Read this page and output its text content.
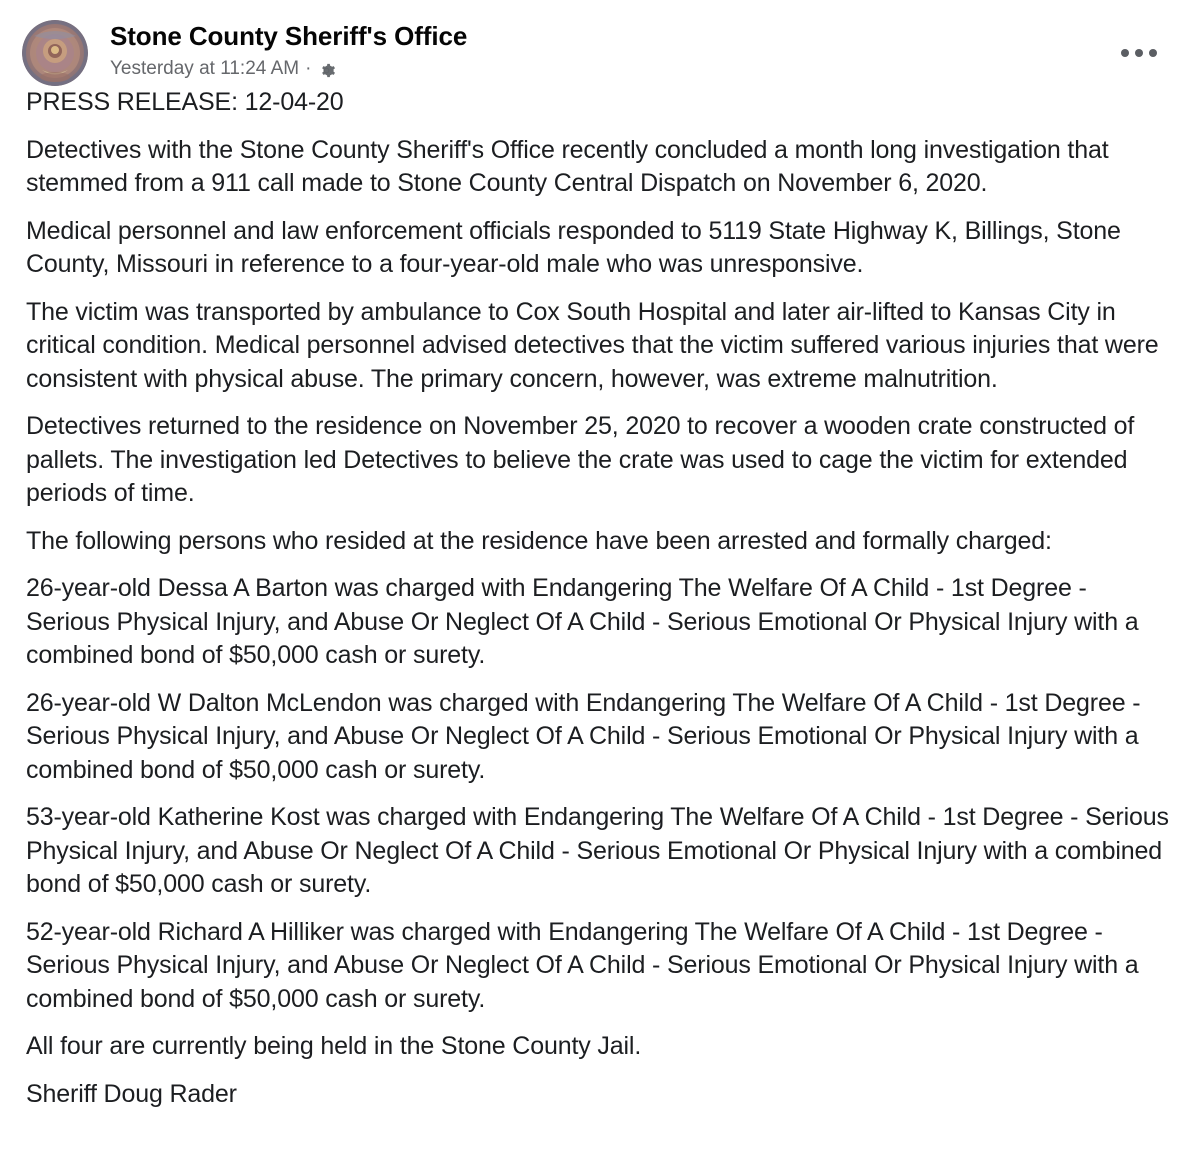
Stone County Sheriff's Office
Yesterday at 11:24 AM ·

PRESS RELEASE: 12-04-20

Detectives with the Stone County Sheriff's Office recently concluded a month long investigation that stemmed from a 911 call made to Stone County Central Dispatch on November 6, 2020.

Medical personnel and law enforcement officials responded to 5119 State Highway K, Billings, Stone County, Missouri in reference to a four-year-old male who was unresponsive.

The victim was transported by ambulance to Cox South Hospital and later air-lifted to Kansas City in critical condition. Medical personnel advised detectives that the victim suffered various injuries that were consistent with physical abuse. The primary concern, however, was extreme malnutrition.

Detectives returned to the residence on November 25, 2020 to recover a wooden crate constructed of pallets. The investigation led Detectives to believe the crate was used to cage the victim for extended periods of time.

The following persons who resided at the residence have been arrested and formally charged:

26-year-old Dessa A Barton was charged with Endangering The Welfare Of A Child - 1st Degree - Serious Physical Injury, and Abuse Or Neglect Of A Child - Serious Emotional Or Physical Injury with a combined bond of $50,000 cash or surety.

26-year-old W Dalton McLendon was charged with Endangering The Welfare Of A Child - 1st Degree - Serious Physical Injury, and Abuse Or Neglect Of A Child - Serious Emotional Or Physical Injury with a combined bond of $50,000 cash or surety.

53-year-old Katherine Kost was charged with Endangering The Welfare Of A Child - 1st Degree - Serious Physical Injury, and Abuse Or Neglect Of A Child - Serious Emotional Or Physical Injury with a combined bond of $50,000 cash or surety.

52-year-old Richard A Hilliker was charged with Endangering The Welfare Of A Child - 1st Degree - Serious Physical Injury, and Abuse Or Neglect Of A Child - Serious Emotional Or Physical Injury with a combined bond of $50,000 cash or surety.

All four are currently being held in the Stone County Jail.

Sheriff Doug Rader
